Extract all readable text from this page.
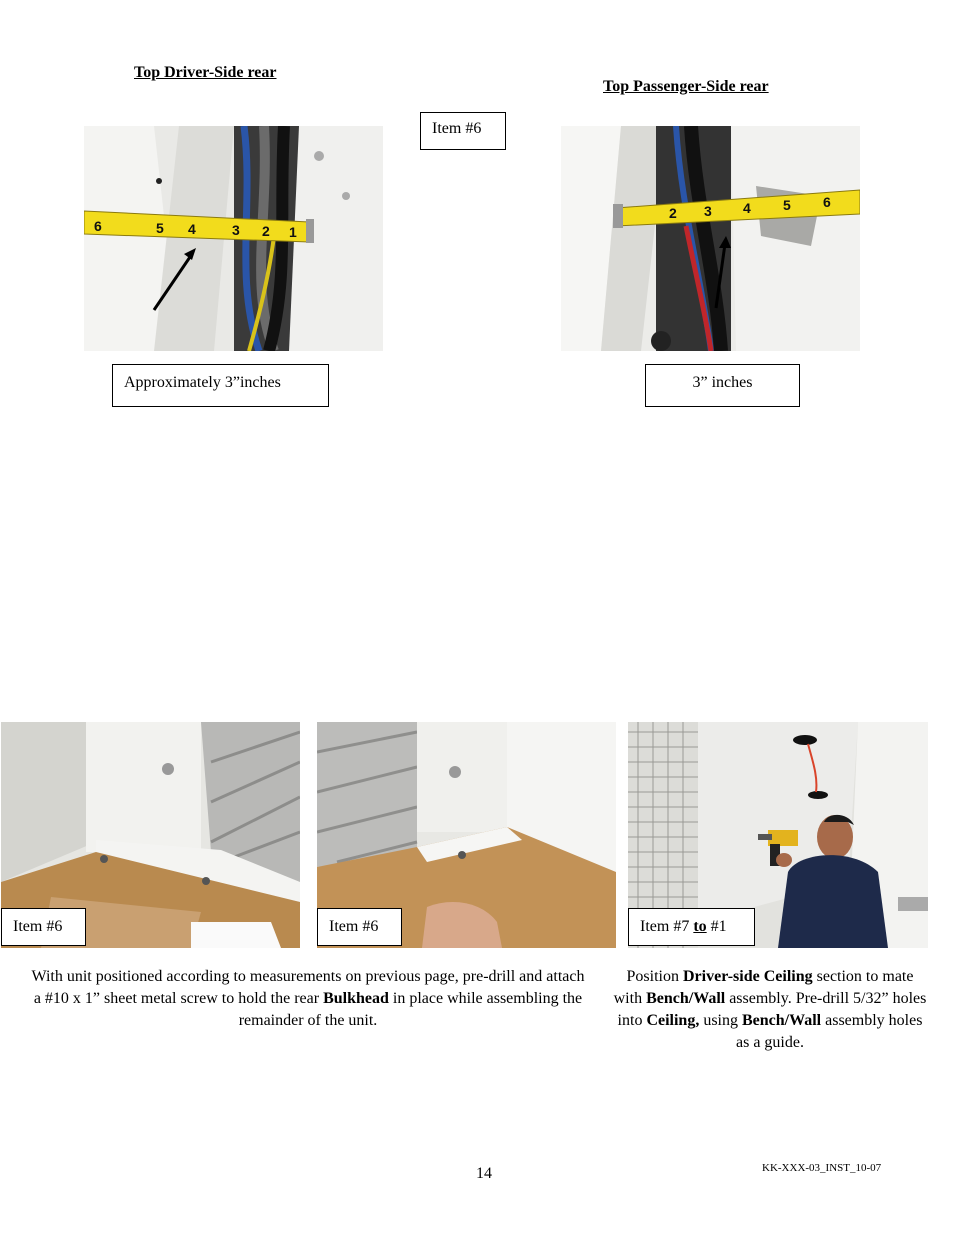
Top Driver-Side rear
Top Passenger-Side rear
Item #6
6	5 4	3 2 1
2 3 4 5 6
Approximately 3”inches	3” inches
Item #6	Item #6	Item #7 to #1
With unit positioned according to measurements on previous page, pre-drill and attach a #10 x 1” sheet metal screw to hold the rear Bulkhead in place while assembling the remainder of the unit.
Position Driver-side Ceiling section to mate with Bench/Wall assembly. Pre-drill 5/32” holes into Ceiling, using Bench/Wall assembly holes as a guide.
14	KK-XXX-03_INST_10-07
